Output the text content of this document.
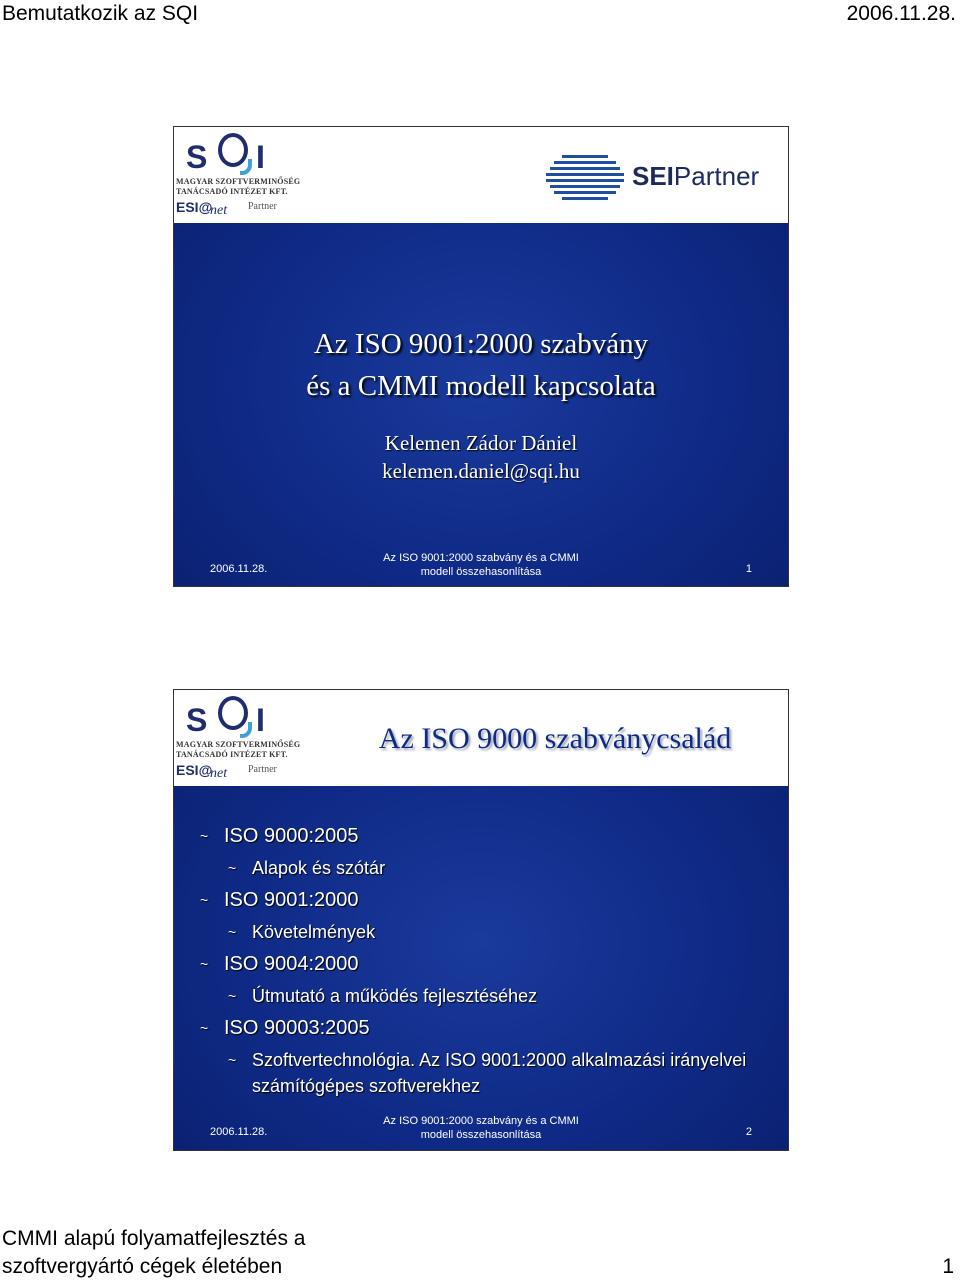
Bemutatkozik az SQI	2006.11.28.
S I
MAGYAR SZOFTVERMINŐSÉG
TANÁCSADÓ INTÉZET KFT.
ESI@
net Partner
SEIPartner
Az ISO 9001:2000 szabvány
és a CMMI modell kapcsolata
Kelemen Zádor Dániel
kelemen.daniel@sqi.hu
2006.11.28.
Az ISO 9001:2000 szabvány és a CMMI
modell összehasonlítása	1
S I
MAGYAR SZOFTVERMINŐSÉG
TANÁCSADÓ INTÉZET KFT.
ESI@
net Partner
Az ISO 9000 szabványcsalád
~ ISO 9000:2005
~ Alapok és szótár
~ ISO 9001:2000
~ Követelmények
~ ISO 9004:2000
~ Útmutató a működés fejlesztéséhez
~ ISO 90003:2005
~ Szoftvertechnológia. Az ISO 9001:2000 alkalmazási irányelvei számítógépes szoftverekhez
2006.11.28.
Az ISO 9001:2000 szabvány és a CMMI
modell összehasonlítása	2
CMMI alapú folyamatfejlesztés a
szoftvergyártó cégek életében	1
